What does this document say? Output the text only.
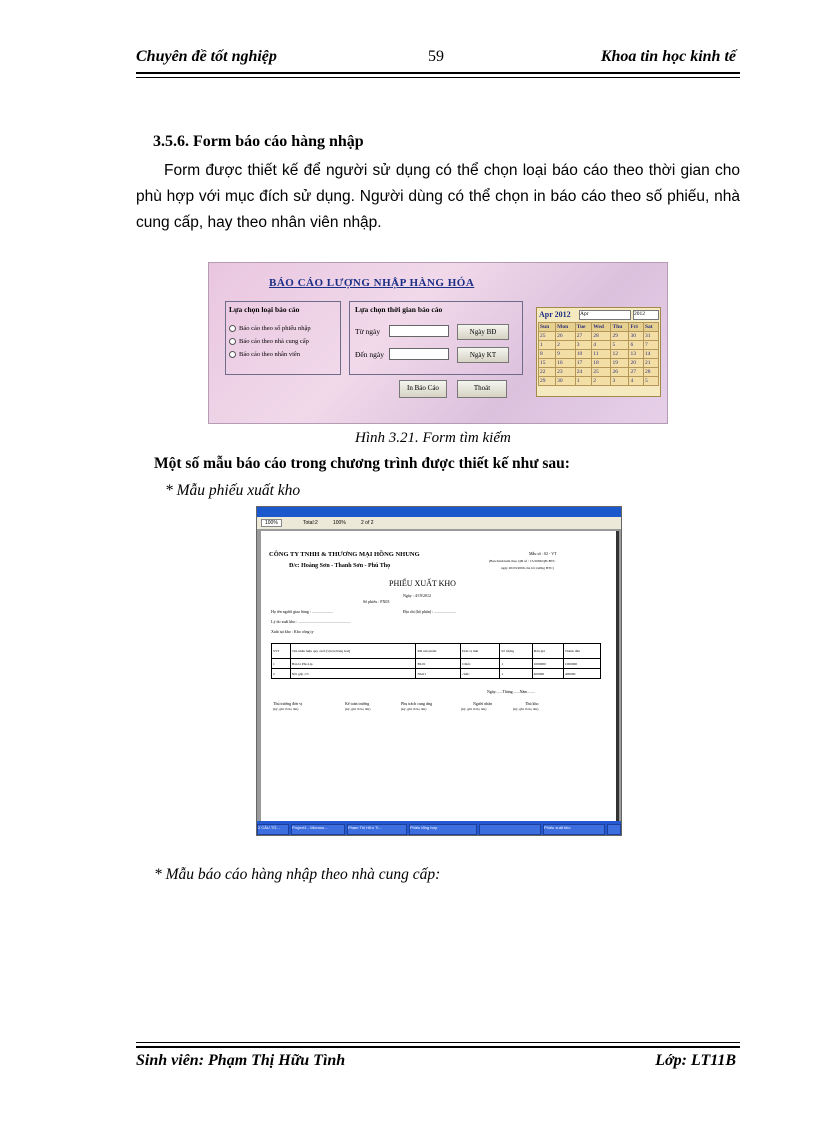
Chuyên đề tốt nghiệp	59	Khoa tin học kinh tế
3.5.6. Form báo cáo hàng nhập
Form được thiết kế để người sử dụng có thể chọn loại báo cáo theo thời gian cho phù hợp với mục đích sử dụng. Người dùng có thể chọn in báo cáo theo số phiếu, nhà cung cấp, hay theo nhân viên nhập.
BÁO CÁO LƯỢNG NHẬP HÀNG HÓA
Lựa chọn loại báo cáo
Báo cáo theo số phiếu nhập
Báo cáo theo nhà cung cấp
Báo cáo theo nhân viên
Lựa chọn thời gian báo cáo
Từ ngày	Ngày BĐ
Đến ngày	Ngày KT
In Báo Cáo	Thoát
Apr 2012 Apr	2012
Sun	Mon	Tue	Wed	Thu	Fri	Sat
25	26	27	28	29	30	31
1	2	3	4	5	6	7
8	9	10	11	12	13	14
15	16	17	18	19	20	21
22	23	24	25	26	27	28
29	30	1	2	3	4	5
Hình 3.21. Form tìm kiếm
Một số mẫu báo cáo trong chương trình được thiết kế như sau:
* Mẫu phiếu xuất kho
100%	Total:2	100%	2 of 2
CÔNG TY TNHH & THƯƠNG MẠI HỒNG NHUNG
Đ/c: Hoàng Sơn - Thanh Sơn - Phú Thọ
Mẫu số : 02 - VT
(Ban hành kèm theo QĐ số : 15/2006/QĐ-BTC
ngày 20/03/2006 của bộ trưởng BTC)
PHIẾU XUẤT KHO
Ngày : 4/19/2012
Số phiếu : PX03
Họ tên người giao hàng : .....................	Địa chỉ (bộ phận) : ......................
Lý do xuất kho : ....................................................
Xuất tại kho : Kho công ty
STT	Tên nhãn hiệu quy cách (vật tư,hàng hoá)	Mã sản phẩm	Đơn vị tính	Số lượng	Đơn giá	Thành tiền
1	Bàn là Phi-Lip	BL01	Chiếc	1	1000000	1000000
2	Nồi gốp 1/5	NG01	chiếc	1	400000	400000
Ngày.......Tháng.......Năm .......
Thủ trưởng đơn vị	Kế toán trưởng	Phụ trách cung ứng	Người nhận	Thủ kho
(ký ,ghi rõ họ tên)	(ký ,ghi rõ họ tên)	(ký ,ghi rõ họ tên)	(ký ,ghi rõ họ tên)	(ký ,ghi rõ họ tên)
2 CÂU TỐ...	Project1 - Microso...	Phạm Thị Hữu Tì...	Phiếu tổng hợp	Phiếu xuất kho
* Mẫu báo cáo hàng nhập theo nhà cung cấp:
Sinh viên: Phạm Thị Hữu Tình	Lớp: LT11B
